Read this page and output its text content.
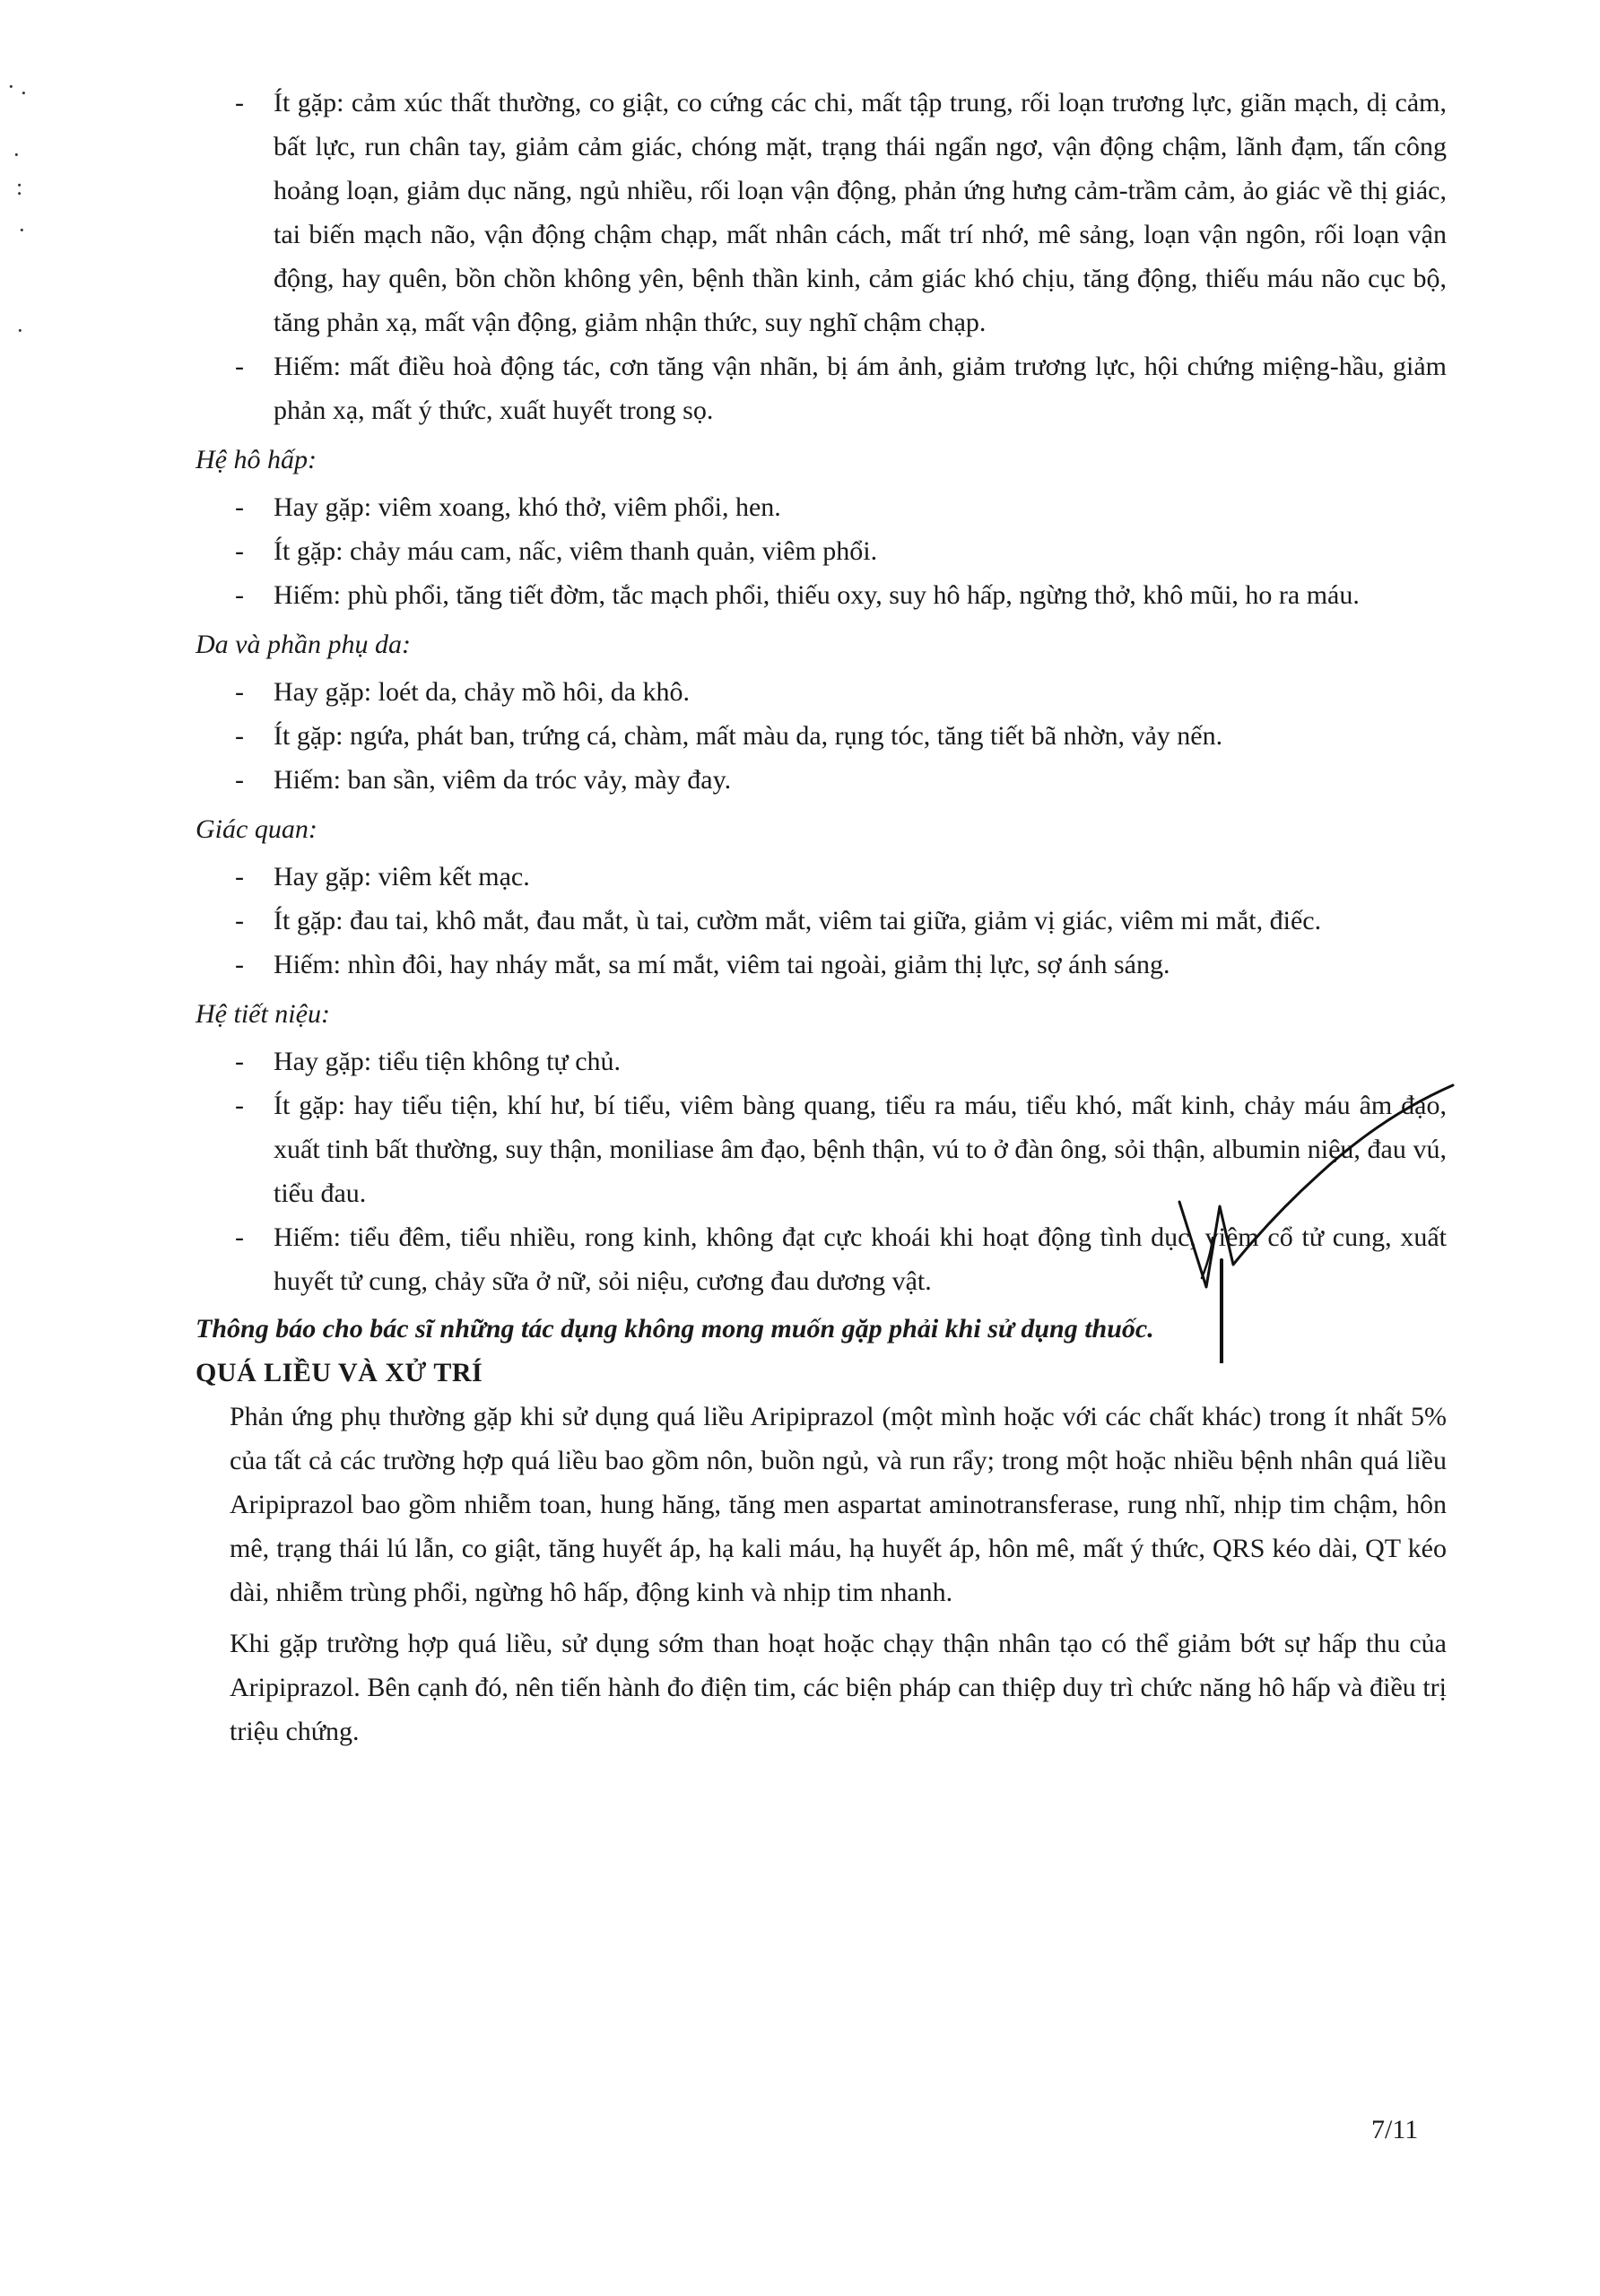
· .
·
:
·
·

- Ít gặp: cảm xúc thất thường, co giật, co cứng các chi, mất tập trung, rối loạn trương lực, giãn mạch, dị cảm, bất lực, run chân tay, giảm cảm giác, chóng mặt, trạng thái ngẩn ngơ, vận động chậm, lãnh đạm, tấn công hoảng loạn, giảm dục năng, ngủ nhiều, rối loạn vận động, phản ứng hưng cảm-trầm cảm, ảo giác về thị giác, tai biến mạch não, vận động chậm chạp, mất nhân cách, mất trí nhớ, mê sảng, loạn vận ngôn, rối loạn vận động, hay quên, bồn chồn không yên, bệnh thần kinh, cảm giác khó chịu, tăng động, thiếu máu não cục bộ, tăng phản xạ, mất vận động, giảm nhận thức, suy nghĩ chậm chạp.

- Hiếm: mất điều hoà động tác, cơn tăng vận nhãn, bị ám ảnh, giảm trương lực, hội chứng miệng-hầu, giảm phản xạ, mất ý thức, xuất huyết trong sọ.

Hệ hô hấp:

- Hay gặp: viêm xoang, khó thở, viêm phổi, hen.

- Ít gặp: chảy máu cam, nấc, viêm thanh quản, viêm phổi.

- Hiếm: phù phổi, tăng tiết đờm, tắc mạch phổi, thiếu oxy, suy hô hấp, ngừng thở, khô mũi, ho ra máu.

Da và phần phụ da:

- Hay gặp: loét da, chảy mồ hôi, da khô.

- Ít gặp: ngứa, phát ban, trứng cá, chàm, mất màu da, rụng tóc, tăng tiết bã nhờn, vảy nến.

- Hiếm: ban sần, viêm da tróc vảy, mày đay.

Giác quan:

- Hay gặp: viêm kết mạc.

- Ít gặp: đau tai, khô mắt, đau mắt, ù tai, cườm mắt, viêm tai giữa, giảm vị giác, viêm mi mắt, điếc.

- Hiếm: nhìn đôi, hay nháy mắt, sa mí mắt, viêm tai ngoài, giảm thị lực, sợ ánh sáng.

Hệ tiết niệu:

- Hay gặp: tiểu tiện không tự chủ.

- Ít gặp: hay tiểu tiện, khí hư, bí tiểu, viêm bàng quang, tiểu ra máu, tiểu khó, mất kinh, chảy máu âm đạo, xuất tinh bất thường, suy thận, moniliase âm đạo, bệnh thận, vú to ở đàn ông, sỏi thận, albumin niệu, đau vú, tiểu đau.

- Hiếm: tiểu đêm, tiểu nhiều, rong kinh, không đạt cực khoái khi hoạt động tình dục, viêm cổ tử cung, xuất huyết tử cung, chảy sữa ở nữ, sỏi niệu, cương đau dương vật.

Thông báo cho bác sĩ những tác dụng không mong muốn gặp phải khi sử dụng thuốc.
QUÁ LIỀU VÀ XỬ TRÍ

Phản ứng phụ thường gặp khi sử dụng quá liều Aripiprazol (một mình hoặc với các chất khác) trong ít nhất 5% của tất cả các trường hợp quá liều bao gồm nôn, buồn ngủ, và run rẩy; trong một hoặc nhiều bệnh nhân quá liều Aripiprazol bao gồm nhiễm toan, hung hăng, tăng men aspartat aminotransferase, rung nhĩ, nhịp tim chậm, hôn mê, trạng thái lú lẫn, co giật, tăng huyết áp, hạ kali máu, hạ huyết áp, hôn mê, mất ý thức, QRS kéo dài, QT kéo dài, nhiễm trùng phổi, ngừng hô hấp, động kinh và nhịp tim nhanh.

Khi gặp trường hợp quá liều, sử dụng sớm than hoạt hoặc chạy thận nhân tạo có thể giảm bớt sự hấp thu của Aripiprazol. Bên cạnh đó, nên tiến hành đo điện tim, các biện pháp can thiệp duy trì chức năng hô hấp và điều trị triệu chứng.

7/11
